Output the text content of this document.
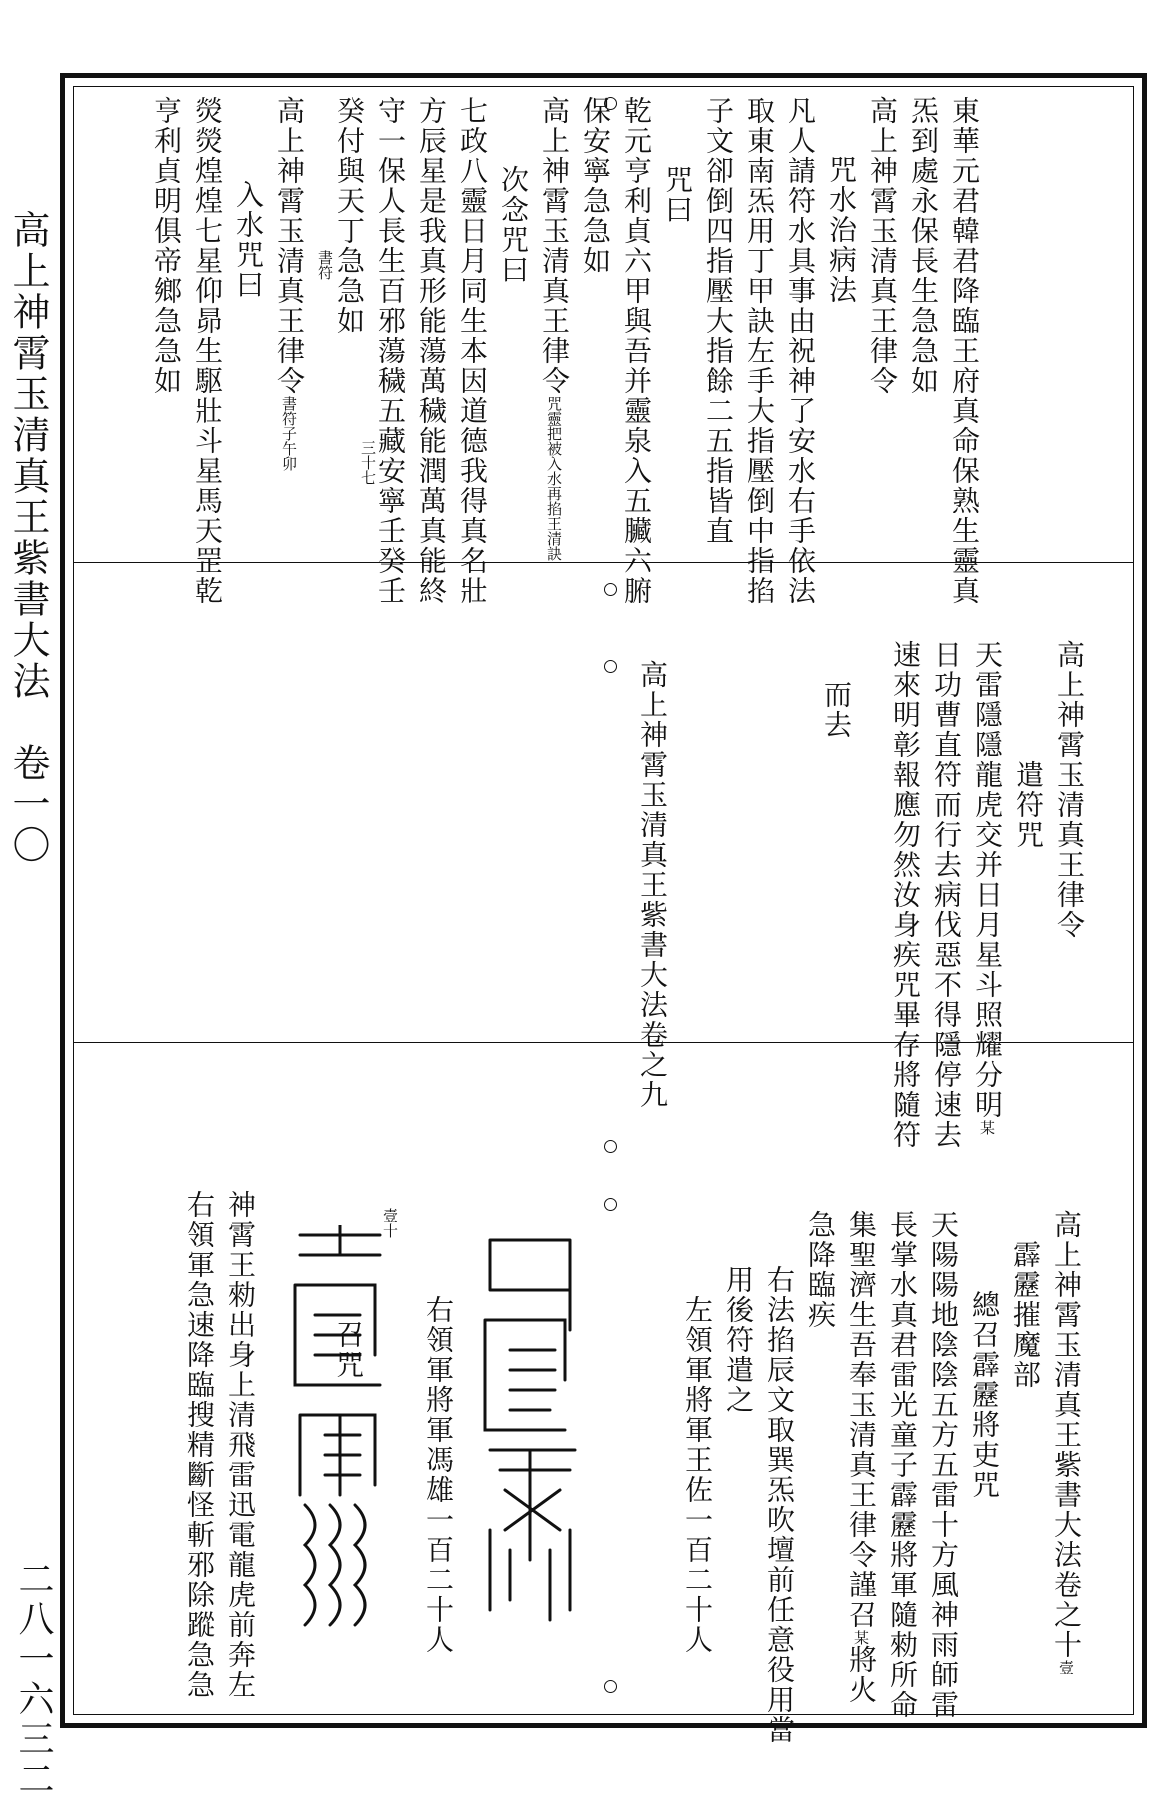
高上神霄玉清真王紫書大法　卷一〇
二八一六三二
東華元君韓君降臨王府真命保熟生靈真
炁到處永保長生急急如
高上神霄玉清真王律令
咒水治病法
凡人請符水具事由祝神了安水右手依法
取東南炁用丁甲訣左手大指壓倒中指掐
子文卻倒四指壓大指餘二五指皆直
咒曰
乾元亨利貞六甲與吾并靈泉入五臟六腑
保安寧急急如
高上神霄玉清真王律令咒靈把被入水再掐王清訣
次念咒曰
七政八靈日月同生本因道德我得真名壯
方辰星是我真形能蕩萬穢能潤萬真能終
守一保人長生百邪蕩穢五藏安寧壬癸壬
三十七
癸付與天丁急急如
書符
高上神霄玉清真王律令書符子午卯
入水咒曰
熒熒煌煌七星仰昴生駆壯斗星馬天罡乾
亨利貞明俱帝鄉急急如
高上神霄玉清真王律令
遣符咒
天雷隱隱龍虎交并日月星斗照耀分明某
日功曹直符而行去病伐惡不得隱停速去
速來明彰報應勿然汝身疾咒畢存將隨符
而去
高上神霄玉清真王紫書大法卷之九
高上神霄玉清真王紫書大法卷之十壹
霹靂摧魔部
總召霹靂將吏咒
天陽陽地陰陰五方五雷十方風神雨師雷
長掌水真君雷光童子霹靂將軍隨勑所命
集聖濟生吾奉玉清真王律令謹召某將火
急降臨疾
右法掐辰文取巽炁吹壇前任意役用當
用後符遣之
左領軍將軍王佐一百二十人
右領軍將軍馮雄一百二十人
召咒
神霄王勑出身上清飛雷迅電龍虎前奔左
右領軍急速降臨搜精斷怪斬邪除蹤急急	壹十
